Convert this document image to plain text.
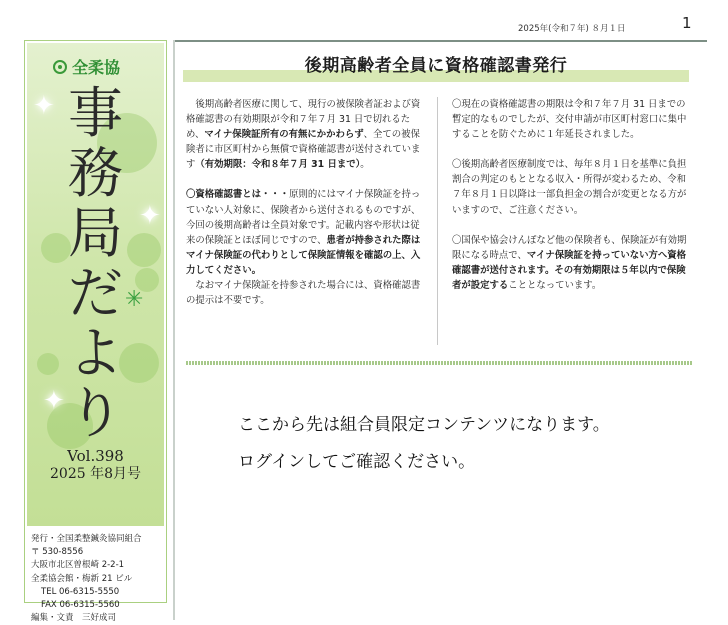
2025年(令和７年) ８月１日	1
✦
✦
✳
✦
全柔協
事
務
局
だ
よ
り
Vol.398
2025 年8月号
発行・全国柔整鍼灸協同組合
〒 530-8556
大阪市北区曽根崎 2-2-1
全柔協会館・梅新 21 ビル
TEL 06-6315-5550
FAX 06-6315-5560
編集・文責　三好成司
後期高齢者全員に資格確認書発行

　後期高齢者医療に関して、現行の被保険者証および資格確認書の有効期限が令和７年７月 31 日で切れるため、マイナ保険証所有の有無にかかわらず、全ての被保険者に市区町村から無償で資格確認書が送付されています（有効期限：令和８年７月 31 日まで）。

〇資格確認書とは・・・原則的にはマイナ保険証を持っていない人対象に、保険者から送付されるものですが、今回の後期高齢者は全員対象です。記載内容や形状は従来の保険証とほぼ同じですので、患者が持参された際はマイナ保険証の代わりとして保険証情報を確認の上、入力してください。

　なおマイナ保険証を持参された場合には、資格確認書の提示は不要です。

〇現在の資格確認書の期限は令和７年７月 31 日までの暫定的なものでしたが、交付申請が市区町村窓口に集中することを防ぐために１年延長されました。

〇後期高齢者医療制度では、毎年８月１日を基準に負担割合の判定のもととなる収入・所得が変わるため、令和７年８月１日以降は一部負担金の割合が変更となる方がいますので、ご注意ください。

〇国保や協会けんぽなど他の保険者も、保険証が有効期限になる時点で、マイナ保険証を持っていない方へ資格確認書が送付されます。その有効期限は５年以内で保険者が設定することとなっています。

ここから先は組合員限定コンテンツになります。
ログインしてご確認ください。
